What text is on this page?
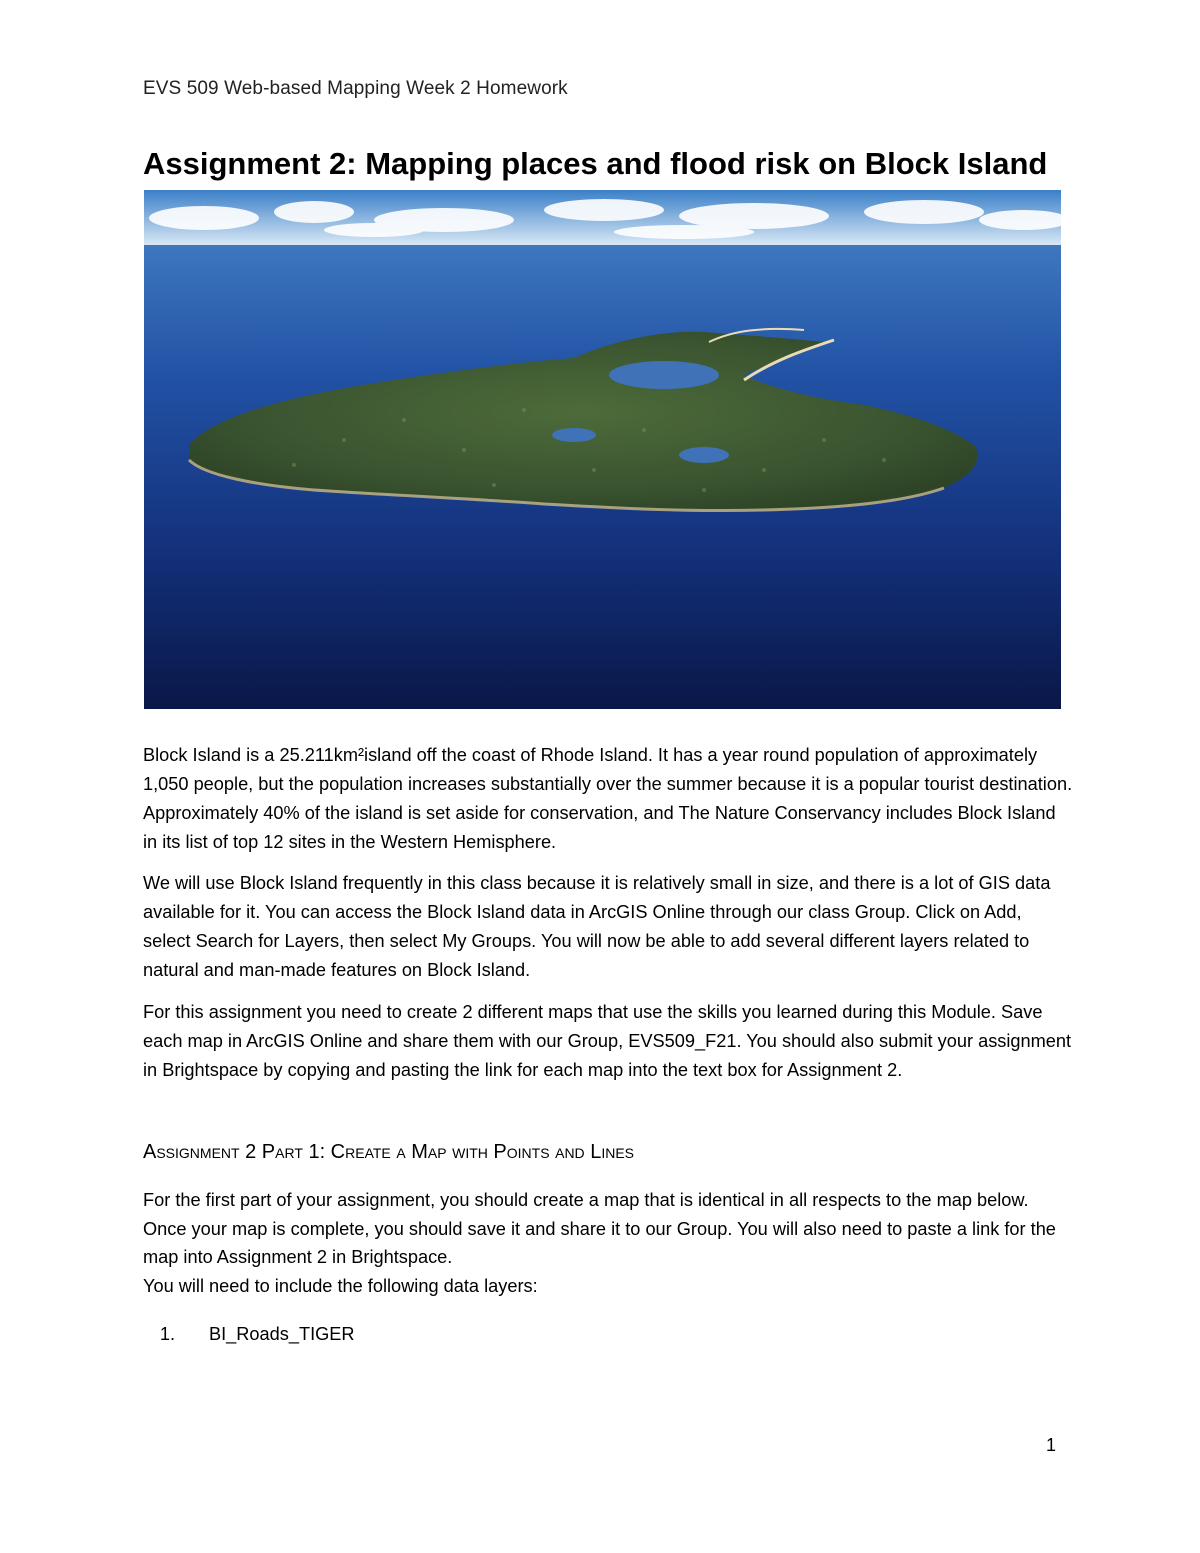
EVS 509 Web-based Mapping Week 2 Homework
Assignment 2: Mapping places and flood risk on Block Island

Block Island is a 25.211km²island off the coast of Rhode Island. It has a year round population of approximately 1,050 people, but the population increases substantially over the summer because it is a popular tourist destination. Approximately 40% of the island is set aside for conservation, and The Nature Conservancy includes Block Island in its list of top 12 sites in the Western Hemisphere.

We will use Block Island frequently in this class because it is relatively small in size, and there is a lot of GIS data available for it. You can access the Block Island data in ArcGIS Online through our class Group. Click on Add, select Search for Layers, then select My Groups. You will now be able to add several different layers related to natural and man-made features on Block Island.

For this assignment you need to create 2 different maps that use the skills you learned during this Module. Save each map in ArcGIS Online and share them with our Group, EVS509_F21. You should also submit your assignment in Brightspace by copying and pasting the link for each map into the text box for Assignment 2.

Assignment 2 Part 1: Create a Map with Points and Lines

For the first part of your assignment, you should create a map that is identical in all respects to the map below. Once your map is complete, you should save it and share it to our Group. You will also need to paste a link for the map into Assignment 2 in Brightspace.

You will need to include the following data layers:

1. BI_Roads_TIGER
1
